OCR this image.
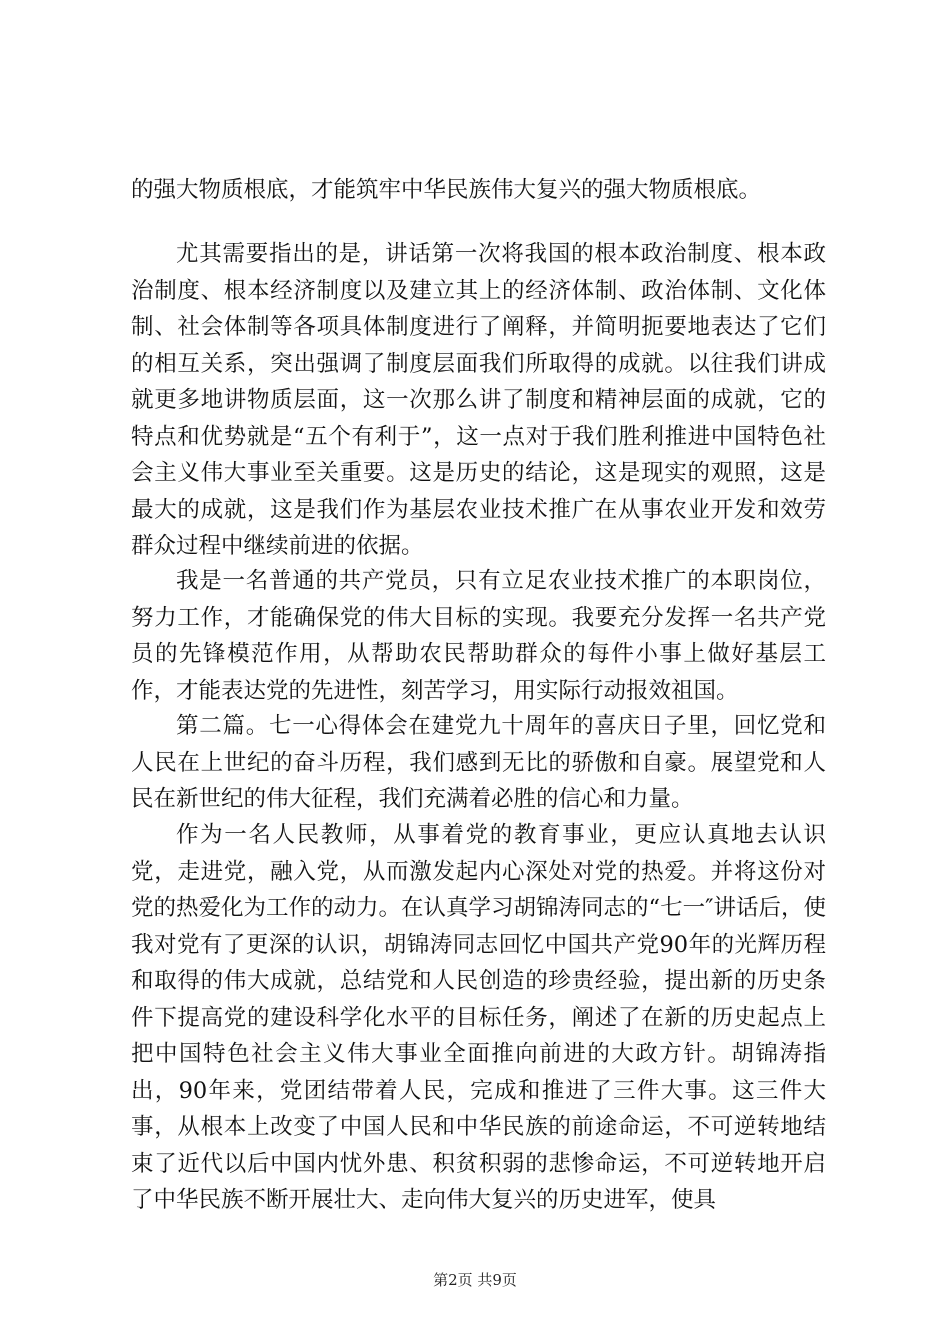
的强大物质根底，才能筑牢中华民族伟大复兴的强大物质根底。

尤其需要指出的是，讲话第一次将我国的根本政治制度、根本政治制度、根本经济制度以及建立其上的经济体制、政治体制、文化体制、社会体制等各项具体制度进行了阐释，并简明扼要地表达了它们的相互关系，突出强调了制度层面我们所取得的成就。以往我们讲成就更多地讲物质层面，这一次那么讲了制度和精神层面的成就，它的特点和优势就是“五个有利于”，这一点对于我们胜利推进中国特色社会主义伟大事业至关重要。这是历史的结论，这是现实的观照，这是最大的成就，这是我们作为基层农业技术推广在从事农业开发和效劳群众过程中继续前进的依据。

我是一名普通的共产党员，只有立足农业技术推广的本职岗位，努力工作，才能确保党的伟大目标的实现。我要充分发挥一名共产党员的先锋模范作用，从帮助农民帮助群众的每件小事上做好基层工作，才能表达党的先进性，刻苦学习，用实际行动报效祖国。

第二篇。七一心得体会在建党九十周年的喜庆日子里，回忆党和人民在上世纪的奋斗历程，我们感到无比的骄傲和自豪。展望党和人民在新世纪的伟大征程，我们充满着必胜的信心和力量。

作为一名人民教师，从事着党的教育事业，更应认真地去认识党，走进党，融入党，从而激发起内心深处对党的热爱。并将这份对党的热爱化为工作的动力。在认真学习胡锦涛同志的“七一″讲话后，使我对党有了更深的认识，胡锦涛同志回忆中国共产党90年的光辉历程和取得的伟大成就，总结党和人民创造的珍贵经验，提出新的历史条件下提高党的建设科学化水平的目标任务，阐述了在新的历史起点上把中国特色社会主义伟大事业全面推向前进的大政方针。胡锦涛指出，90年来，党团结带着人民，完成和推进了三件大事。这三件大事，从根本上改变了中国人民和中华民族的前途命运，不可逆转地结束了近代以后中国内忧外患、积贫积弱的悲惨命运，不可逆转地开启了中华民族不断开展壮大、走向伟大复兴的历史进军，使具

第2页 共9页
